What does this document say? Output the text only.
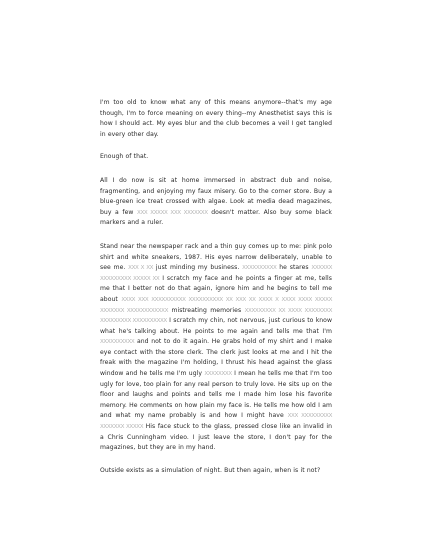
I'm too old to know what any of this means anymore--that's my age though, I'm to force meaning on every thing--my Anesthetist says this is how I should act. My eyes blur and the club becomes a veil I get tangled in every other day.

Enough of that.

All I do now is sit at home immersed in abstract dub and noise, fragmenting, and enjoying my faux misery. Go to the corner store. Buy a blue-green ice treat crossed with algae. Look at media dead magazines, buy a few XXX XXXXX XXX XXXXXXX doesn't matter. Also buy some black markers and a ruler.

Stand near the newspaper rack and a thin guy comes up to me: pink polo shirt and white sneakers, 1987. His eyes narrow deliberately, unable to see me. XXX X XX just minding my business. XXXXXXXXXX he stares XXXXXX XXXXXXXXX XXXXX XX I scratch my face and he points a finger at me, tells me that I better not do that again, ignore him and he begins to tell me about XXXX XXX XXXXXXXXXX XXXXXXXXXX XX XXX XX XXXX X XXXX XXXX XXXXX XXXXXXX XXXXXXXXXXXX mistreating memories XXXXXXXXX XX XXXX XXXXXXXX XXXXXXXXX XXXXXXXXXX I scratch my chin, not nervous, just curious to know what he's talking about. He points to me again and tells me that I'm XXXXXXXXXX and not to do it again. He grabs hold of my shirt and I make eye contact with the store clerk. The clerk just looks at me and I hit the freak with the magazine I'm holding, I thrust his head against the glass window and he tells me I'm ugly XXXXXXXX I mean he tells me that I'm too ugly for love, too plain for any real person to truly love. He sits up on the floor and laughs and points and tells me I made him lose his favorite memory. He comments on how plain my face is. He tells me how old I am and what my name probably is and how I might have XXX XXXXXXXXX XXXXXXX XXXXX His face stuck to the glass, pressed close like an invalid in a Chris Cunningham video. I just leave the store, I don't pay for the magazines, but they are in my hand.

Outside exists as a simulation of night. But then again, when is it not?
